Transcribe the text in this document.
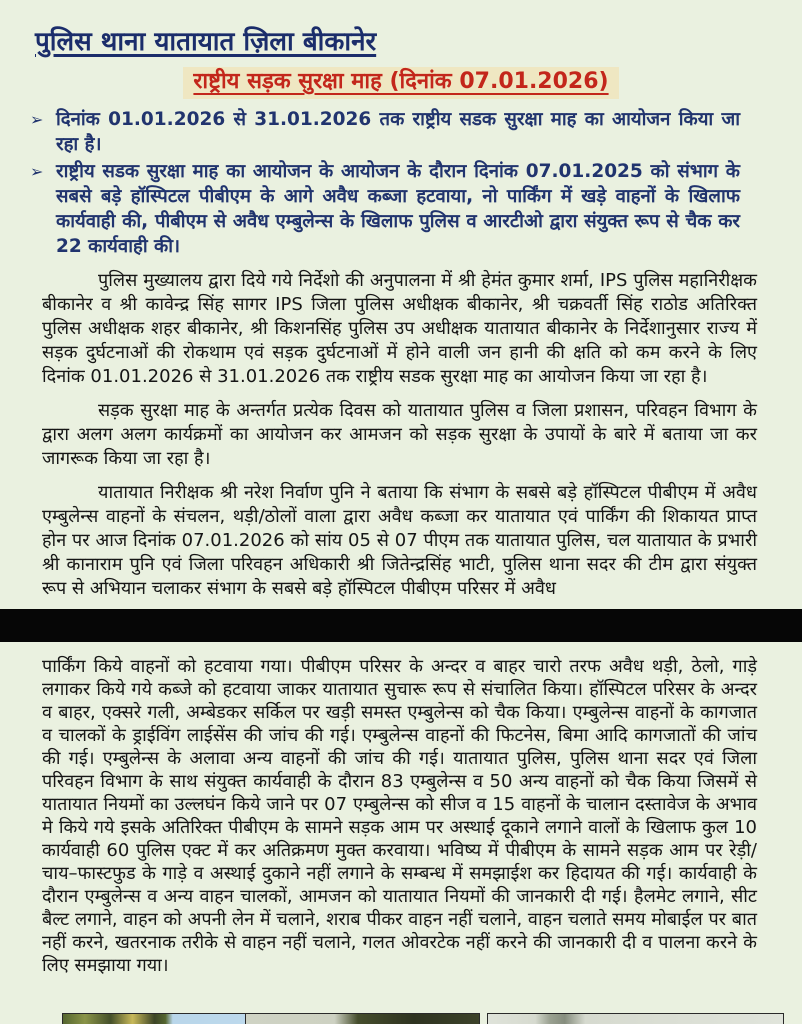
पुलिस थाना यातायात ज़िला बीकानेर
राष्ट्रीय सड़क सुरक्षा माह (दिनांक 07.01.2026)
➢ दिनांक 01.01.2026 से 31.01.2026 तक राष्ट्रीय सडक सुरक्षा माह का आयोजन किया जा रहा है।
➢ राष्ट्रीय सडक सुरक्षा माह का आयोजन के आयोजन के दौरान दिनांक 07.01.2025 को संभाग के सबसे बड़े हॉस्पिटल पीबीएम के आगे अवैध कब्जा हटवाया, नो पार्किंग में खड़े वाहनों के खिलाफ कार्यवाही की, पीबीएम से अवैध एम्बुलेन्स के खिलाफ पुलिस व आरटीओ द्वारा संयुक्त रूप से चैक कर 22 कार्यवाही की।

पुलिस मुख्यालय द्वारा दिये गये निर्देशो की अनुपालना में श्री हेमंत कुमार शर्मा, IPS पुलिस महानिरीक्षक बीकानेर व श्री कावेन्द्र सिंह सागर IPS जिला पुलिस अधीक्षक बीकानेर, श्री चक्रवर्ती सिंह राठोड अतिरिक्त पुलिस अधीक्षक शहर बीकानेर, श्री किशनसिंह पुलिस उप अधीक्षक यातायात बीकानेर के निर्देशानुसार राज्य में सड़क दुर्घटनाओं की रोकथाम एवं सड़क दुर्घटनाओं में होने वाली जन हानी की क्षति को कम करने के लिए दिनांक 01.01.2026 से 31.01.2026 तक राष्ट्रीय सडक सुरक्षा माह का आयोजन किया जा रहा है।

सड़क सुरक्षा माह के अन्तर्गत प्रत्येक दिवस को यातायात पुलिस व जिला प्रशासन, परिवहन विभाग के द्वारा अलग अलग कार्यक्रमों का आयोजन कर आमजन को सड़क सुरक्षा के उपायों के बारे में बताया जा कर जागरूक किया जा रहा है।

यातायात निरीक्षक श्री नरेश निर्वाण पुनि ने बताया कि संभाग के सबसे बड़े हॉस्पिटल पीबीएम में अवैध एम्बुलेन्स वाहनों के संचलन, थड़ी/ठोलों वाला द्वारा अवैध कब्जा कर यातायात एवं पार्किंग की शिकायत प्राप्त होन पर आज दिनांक 07.01.2026 को सांय 05 से 07 पीएम तक यातायात पुलिस, चल यातायात के प्रभारी श्री कानाराम पुनि एवं जिला परिवहन अधिकारी श्री जितेन्द्रसिंह भाटी, पुलिस थाना सदर की टीम द्वारा संयुक्त रूप से अभियान चलाकर संभाग के सबसे बड़े हॉस्पिटल पीबीएम परिसर में अवैध

पार्किंग किये वाहनों को हटवाया गया। पीबीएम परिसर के अन्दर व बाहर चारो तरफ अवैध थड़ी, ठेलो, गाड़े लगाकर किये गये कब्जे को हटवाया जाकर यातायात सुचारू रूप से संचालित किया। हॉस्पिटल परिसर के अन्दर व बाहर, एक्सरे गली, अम्बेडकर सर्किल पर खड़ी समस्त एम्बुलेन्स को चैक किया। एम्बुलेन्स वाहनों के कागजात व चालकों के ड्राईविंग लाईसेंस की जांच की गई। एम्बुलेन्स वाहनों की फिटनेस, बिमा आदि कागजातों की जांच की गई। एम्बुलेन्स के अलावा अन्य वाहनों की जांच की गई। यातायात पुलिस, पुलिस थाना सदर एवं जिला परिवहन विभाग के साथ संयुक्त कार्यवाही के दौरान 83 एम्बुलेन्स व 50 अन्य वाहनों को चैक किया जिसमें से यातायात नियमों का उल्लघंन किये जाने पर 07 एम्बुलेन्स को सीज व 15 वाहनों के चालान दस्तावेज के अभाव मे किये गये इसके अतिरिक्त पीबीएम के सामने सड़क आम पर अस्थाई दूकाने लगाने वालों के खिलाफ कुल 10 कार्यवाही 60 पुलिस एक्ट में कर अतिक्रमण मुक्त करवाया। भविष्य में पीबीएम के सामने सड़क आम पर रेड़ी/चाय–फास्टफुड के गाड़े व अस्थाई दुकाने नहीं लगाने के सम्बन्ध में समझाईश कर हिदायत की गई। कार्यवाही के दौरान एम्बुलेन्स व अन्य वाहन चालकों, आमजन को यातायात नियमों की जानकारी दी गई। हैलमेट लगाने, सीट बैल्ट लगाने, वाहन को अपनी लेन में चलाने, शराब पीकर वाहन नहीं चलाने, वाहन चलाते समय मोबाईल पर बात नहीं करने, खतरनाक तरीके से वाहन नहीं चलाने, गलत ओवरटेक नहीं करने की जानकारी दी व पालना करने के लिए समझाया गया।
